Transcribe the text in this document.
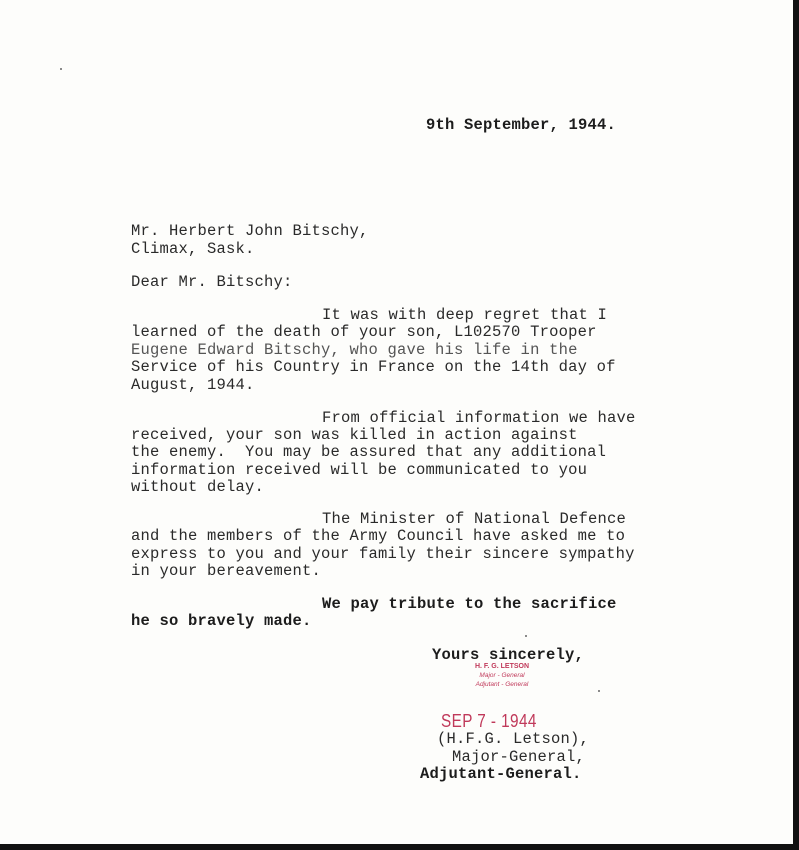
9th September, 1944.
Mr. Herbert John Bitschy,
Climax, Sask.
Dear Mr. Bitschy:
It was with deep regret that I
learned of the death of your son, L102570 Trooper
Eugene Edward Bitschy, who gave his life in the
Service of his Country in France on the 14th day of
August, 1944.
From official information we have
received, your son was killed in action against
the enemy.  You may be assured that any additional
information received will be communicated to you
without delay.
The Minister of National Defence
and the members of the Army Council have asked me to
express to you and your family their sincere sympathy
in your bereavement.
We pay tribute to the sacrifice
he so bravely made.
Yours sincerely,
H. F. G. LETSON
Major - General
Adjutant - General
SEP 7 - 1944
(H.F.G. Letson),
Major-General,
Adjutant-General.
